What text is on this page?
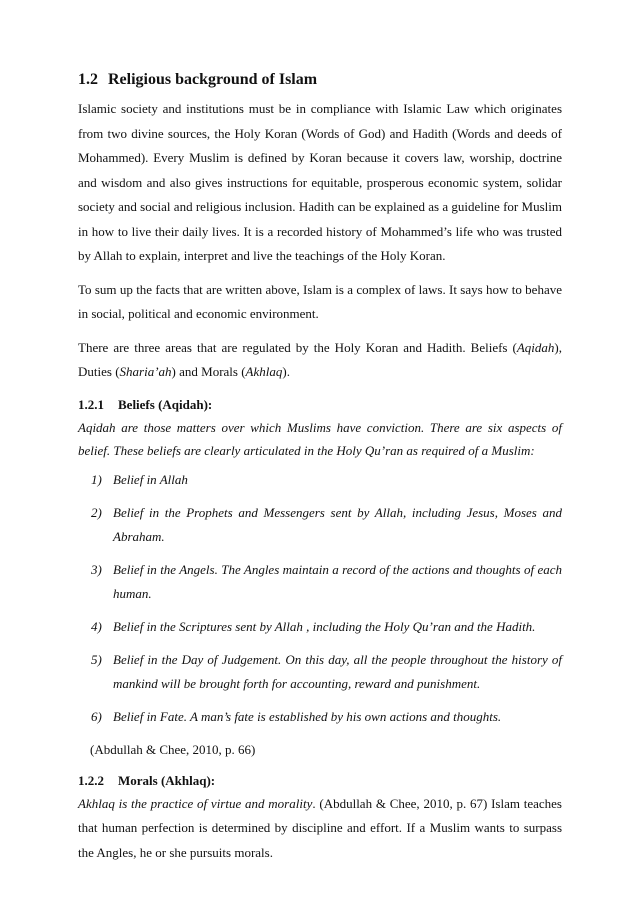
1.2 Religious background of Islam

Islamic society and institutions must be in compliance with Islamic Law which originates from two divine sources, the Holy Koran (Words of God) and Hadith (Words and deeds of Mohammed). Every Muslim is defined by Koran because it covers law, worship, doctrine and wisdom and also gives instructions for equitable, prosperous economic system, solidar society and social and religious inclusion. Hadith can be explained as a guideline for Muslim in how to live their daily lives. It is a recorded history of Mohammed’s life who was trusted by Allah to explain, interpret and live the teachings of the Holy Koran.

To sum up the facts that are written above, Islam is a complex of laws. It says how to behave in social, political and economic environment.

There are three areas that are regulated by the Holy Koran and Hadith. Beliefs (Aqidah), Duties (Sharia’ah) and Morals (Akhlaq).

1.2.1 Beliefs (Aqidah):

Aqidah are those matters over which Muslims have conviction. There are six aspects of belief. These beliefs are clearly articulated in the Holy Qu’ran as required of a Muslim:

1) Belief in Allah
2) Belief in the Prophets and Messengers sent by Allah, including Jesus, Moses and Abraham.
3) Belief in the Angels. The Angles maintain a record of the actions and thoughts of each human.
4) Belief in the Scriptures sent by Allah , including the Holy Qu’ran and the Hadith.
5) Belief in the Day of Judgement. On this day, all the people throughout the history of mankind will be brought forth for accounting, reward and punishment.
6) Belief in Fate. A man’s fate is established by his own actions and thoughts.

(Abdullah & Chee, 2010, p. 66)

1.2.2 Morals (Akhlaq):

Akhlaq is the practice of virtue and morality. (Abdullah & Chee, 2010, p. 67) Islam teaches that human perfection is determined by discipline and effort. If a Muslim wants to surpass the Angles, he or she pursuits morals.
